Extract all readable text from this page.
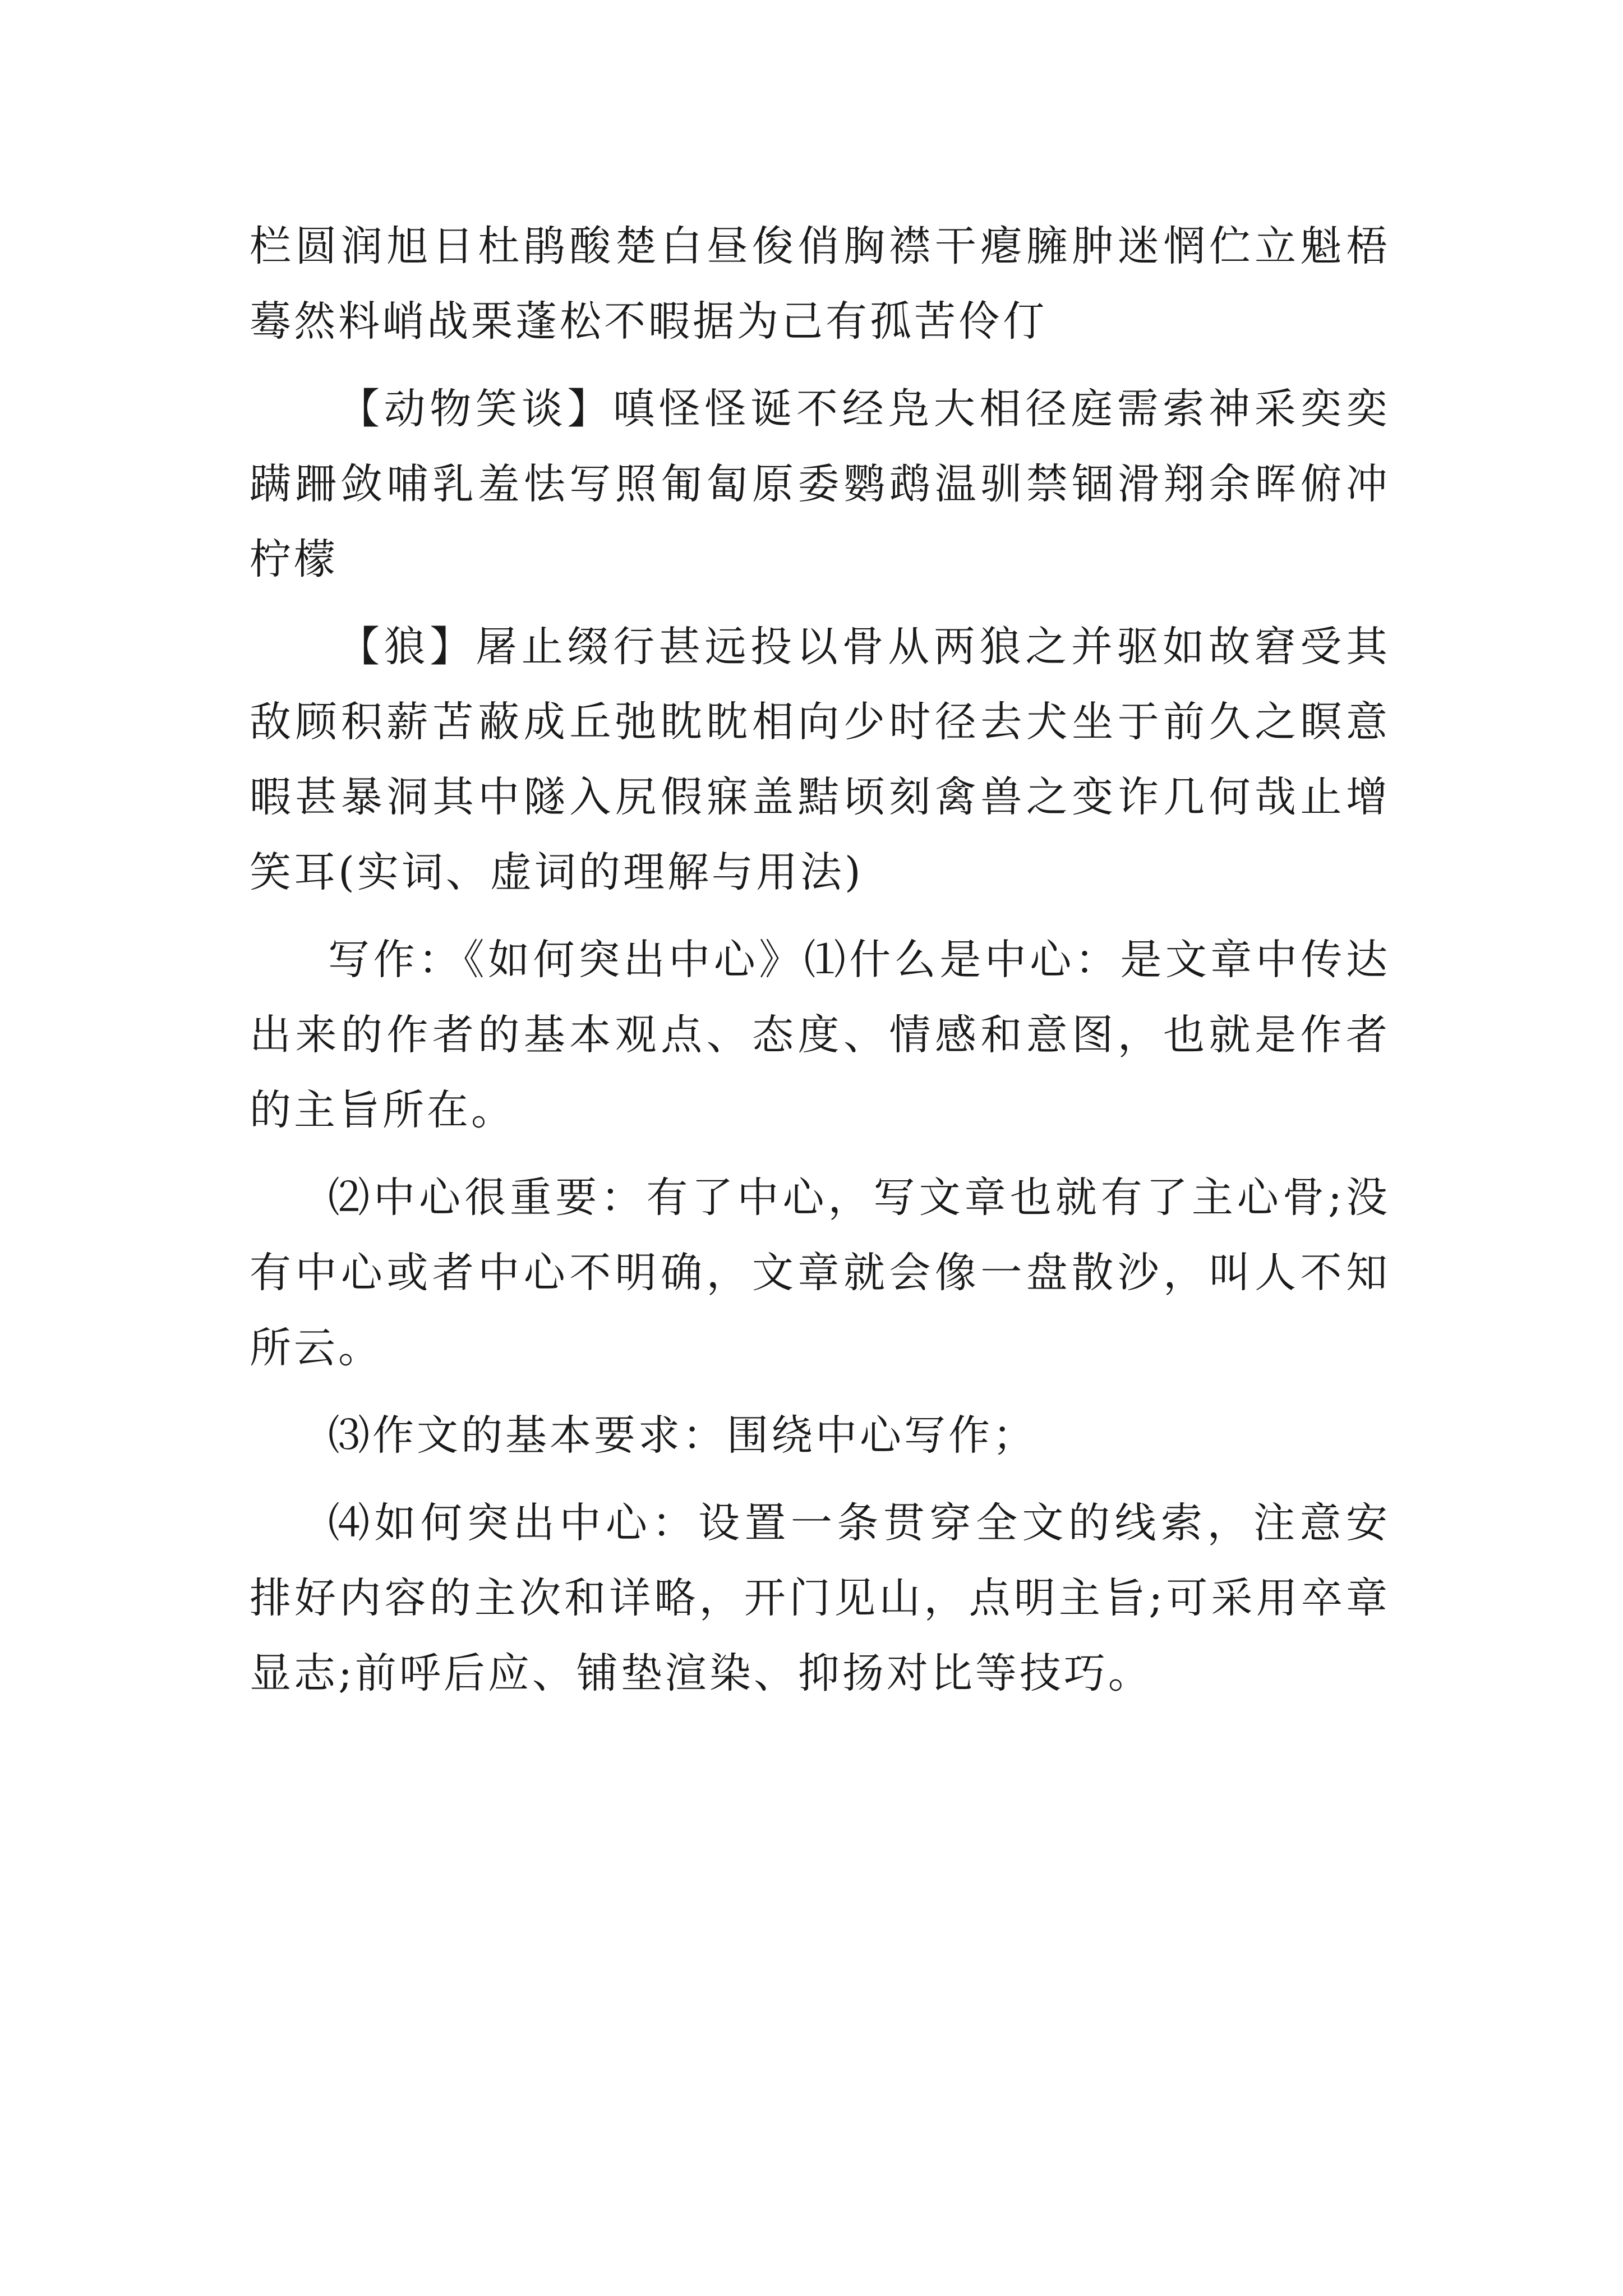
栏圆润旭日杜鹃酸楚白昼俊俏胸襟干瘪臃肿迷惘伫立魁梧蓦然料峭战栗蓬松不暇据为己有孤苦伶仃

【动物笑谈】嗔怪怪诞不经凫大相径庭需索神采奕奕蹒跚敛哺乳羞怯写照匍匐原委鹦鹉温驯禁锢滑翔余晖俯冲柠檬

【狼】屠止缀行甚远投以骨从两狼之并驱如故窘受其敌顾积薪苫蔽成丘弛眈眈相向少时径去犬坐于前久之瞑意暇甚暴洞其中隧入尻假寐盖黠顷刻禽兽之变诈几何哉止增笑耳(实词、虚词的理解与用法)

写作：《如何突出中心》⑴什么是中心：是文章中传达出来的作者的基本观点、态度、情感和意图，也就是作者的主旨所在。

⑵中心很重要：有了中心，写文章也就有了主心骨;没有中心或者中心不明确，文章就会像一盘散沙，叫人不知所云。

⑶作文的基本要求：围绕中心写作；

⑷如何突出中心：设置一条贯穿全文的线索，注意安排好内容的主次和详略，开门见山，点明主旨;可采用卒章显志;前呼后应、铺垫渲染、抑扬对比等技巧。
